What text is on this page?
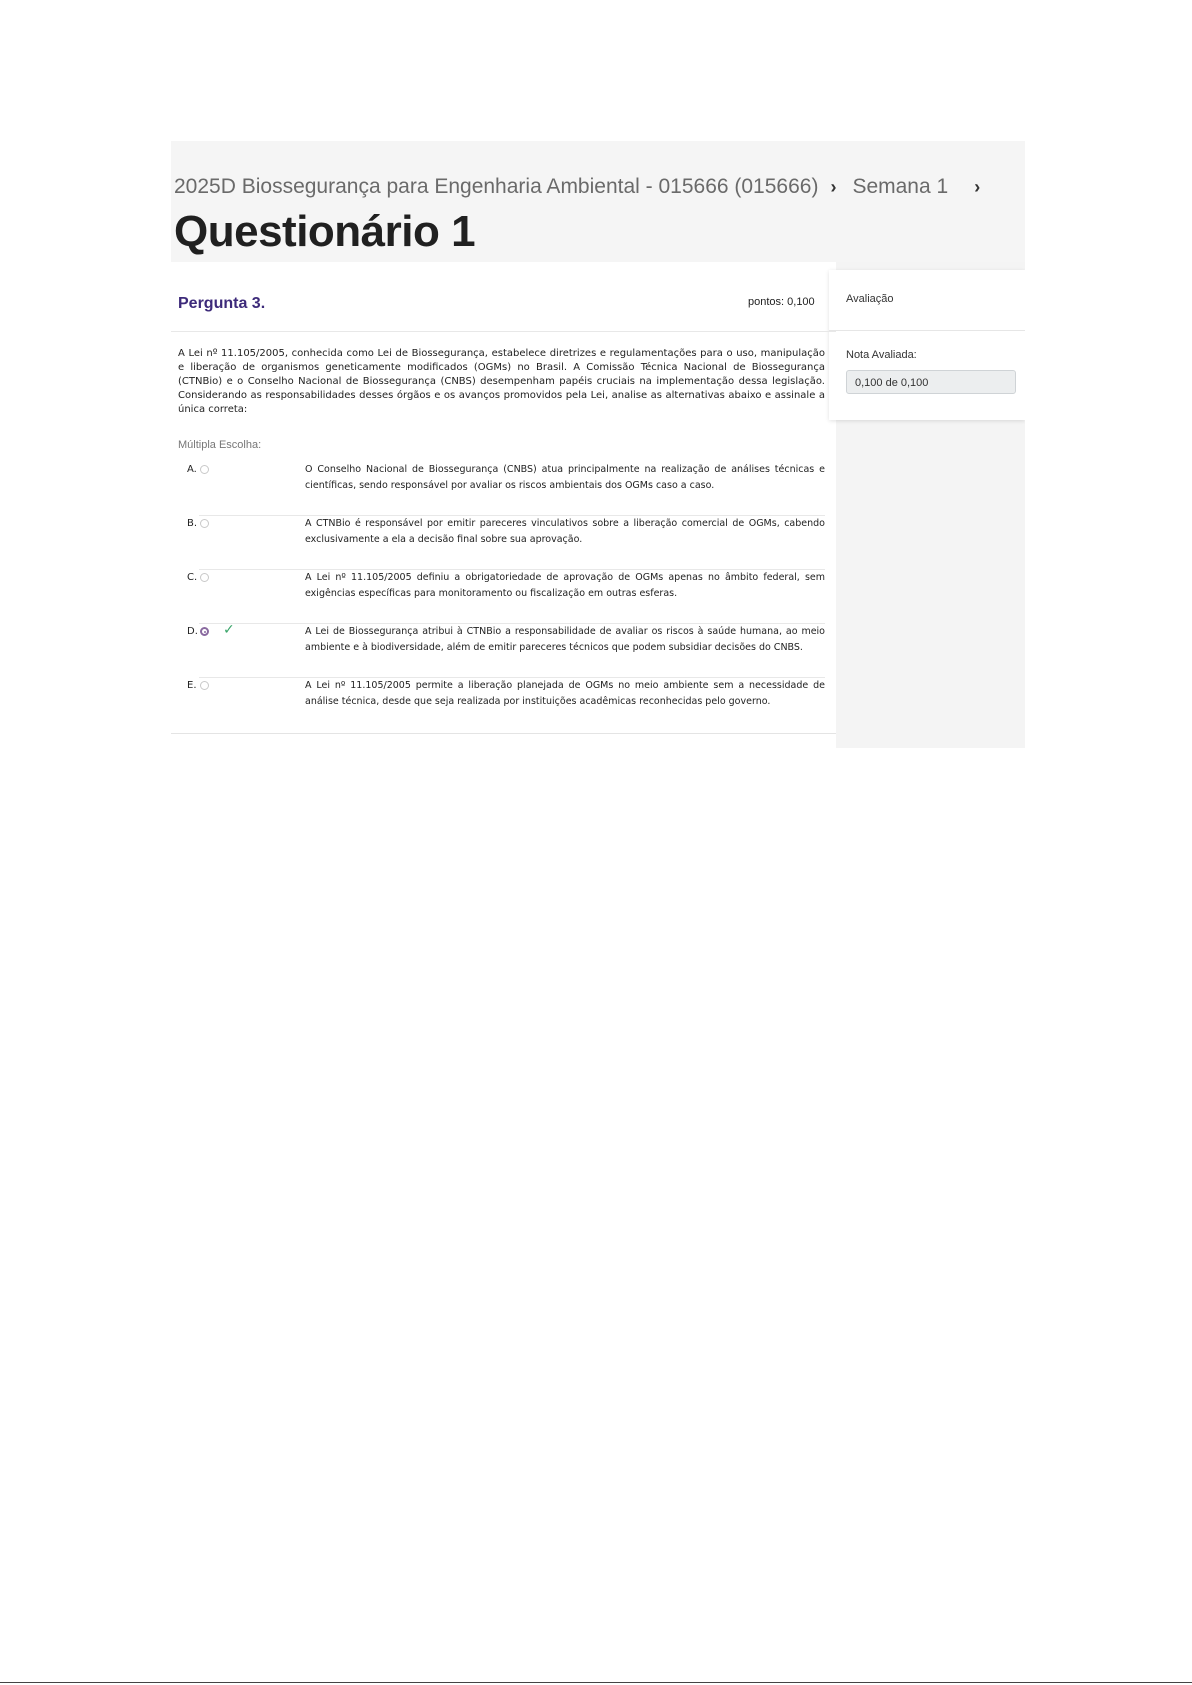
2025D Biossegurança para Engenharia Ambiental - 015666 (015666) › Semana 1 ›
Questionário 1
Avaliação
Nota Avaliada:
0,100 de 0,100
Pergunta 3.	pontos: 0,100
A Lei nº 11.105/2005, conhecida como Lei de Biossegurança, estabelece diretrizes e regulamentações para o uso, manipulação e liberação de organismos geneticamente modificados (OGMs) no Brasil. A Comissão Técnica Nacional de Biossegurança (CTNBio) e o Conselho Nacional de Biossegurança (CNBS) desempenham papéis cruciais na implementação dessa legislação. Considerando as responsabilidades desses órgãos e os avanços promovidos pela Lei, analise as alternativas abaixo e assinale a única correta:
Múltipla Escolha:
A.	O Conselho Nacional de Biossegurança (CNBS) atua principalmente na realização de análises técnicas e científicas, sendo responsável por avaliar os riscos ambientais dos OGMs caso a caso.
B.	A CTNBio é responsável por emitir pareceres vinculativos sobre a liberação comercial de OGMs, cabendo exclusivamente a ela a decisão final sobre sua aprovação.
C.	A Lei nº 11.105/2005 definiu a obrigatoriedade de aprovação de OGMs apenas no âmbito federal, sem exigências específicas para monitoramento ou fiscalização em outras esferas.
D. ✓	A Lei de Biossegurança atribui à CTNBio a responsabilidade de avaliar os riscos à saúde humana, ao meio ambiente e à biodiversidade, além de emitir pareceres técnicos que podem subsidiar decisões do CNBS.
E.	A Lei nº 11.105/2005 permite a liberação planejada de OGMs no meio ambiente sem a necessidade de análise técnica, desde que seja realizada por instituições acadêmicas reconhecidas pelo governo.
